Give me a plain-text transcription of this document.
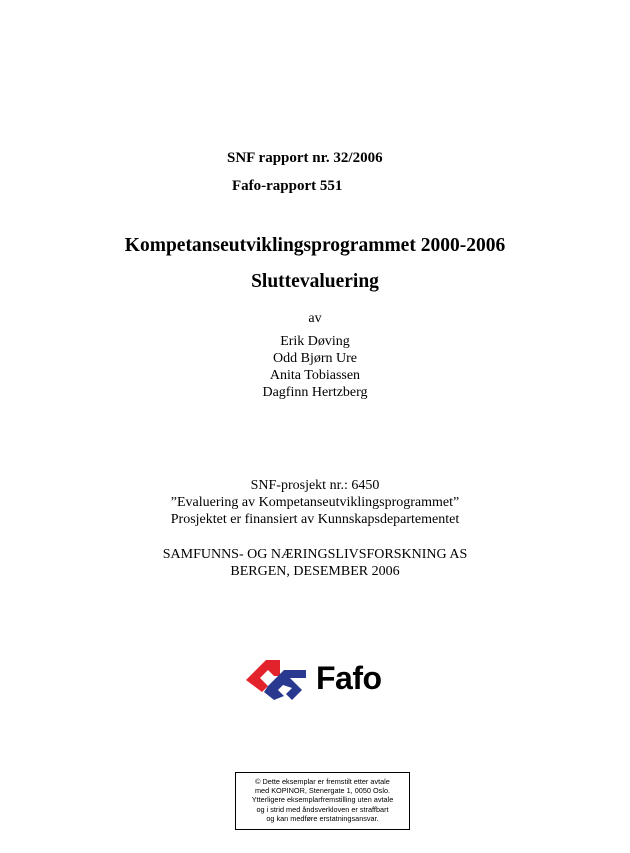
SNF rapport nr. 32/2006
Fafo-rapport 551
Kompetanseutviklingsprogrammet 2000-2006
Sluttevaluering
av
Erik Døving
Odd Bjørn Ure
Anita Tobiassen
Dagfinn Hertzberg
SNF-prosjekt nr.: 6450
”Evaluering av Kompetanseutviklingsprogrammet”
Prosjektet er finansiert av Kunnskapsdepartementet
SAMFUNNS- OG NÆRINGSLIVSFORSKNING AS
BERGEN, DESEMBER 2006
Fafo
© Dette eksemplar er fremstilt etter avtale
med KOPINOR, Stenergate 1, 0050 Oslo.
Ytterligere eksemplarfremstilling uten avtale
og i strid med åndsverkloven er straffbart
og kan medføre erstatningsansvar.
